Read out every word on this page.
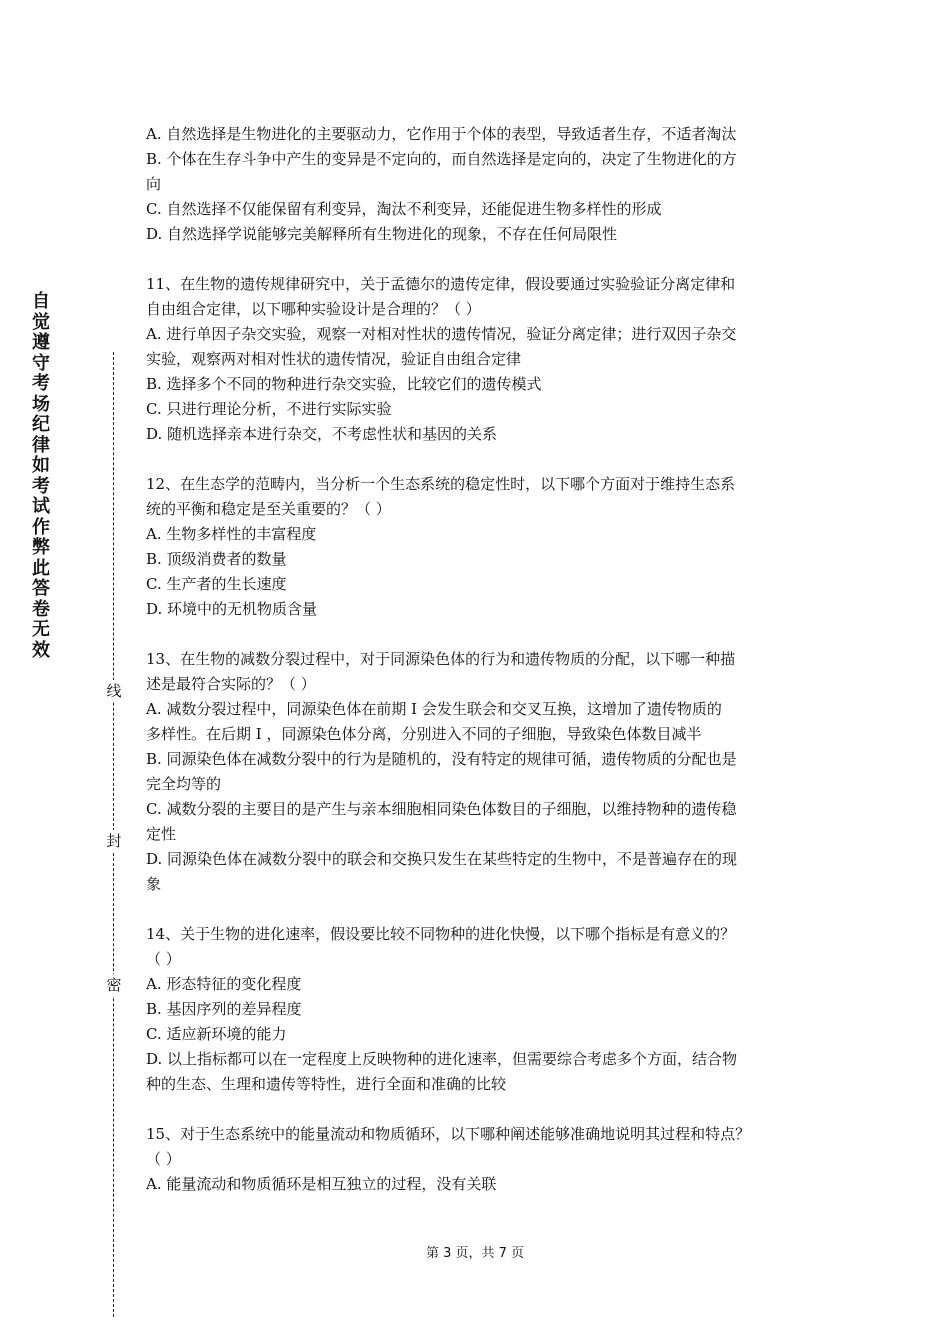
自
觉
遵
守
考
场
纪
律
如
考
试
作
弊
此
答
卷
无
效
线
封
密
A. 自然选择是生物进化的主要驱动力，它作用于个体的表型，导致适者生存，不适者淘汰
B. 个体在生存斗争中产生的变异是不定向的，而自然选择是定向的，决定了生物进化的方
向
C. 自然选择不仅能保留有利变异，淘汰不利变异，还能促进生物多样性的形成
D. 自然选择学说能够完美解释所有生物进化的现象，不存在任何局限性
11、在生物的遗传规律研究中，关于孟德尔的遗传定律，假设要通过实验验证分离定律和
自由组合定律，以下哪种实验设计是合理的？（ ）
A. 进行单因子杂交实验，观察一对相对性状的遗传情况，验证分离定律；进行双因子杂交
实验，观察两对相对性状的遗传情况，验证自由组合定律
B. 选择多个不同的物种进行杂交实验，比较它们的遗传模式
C. 只进行理论分析，不进行实际实验
D. 随机选择亲本进行杂交，不考虑性状和基因的关系
12、在生态学的范畴内，当分析一个生态系统的稳定性时，以下哪个方面对于维持生态系
统的平衡和稳定是至关重要的？（ ）
A. 生物多样性的丰富程度
B. 顶级消费者的数量
C. 生产者的生长速度
D. 环境中的无机物质含量
13、在生物的减数分裂过程中，对于同源染色体的行为和遗传物质的分配，以下哪一种描
述是最符合实际的？（ ）
A. 减数分裂过程中，同源染色体在前期 I 会发生联会和交叉互换，这增加了遗传物质的
多样性。在后期 I ，同源染色体分离，分别进入不同的子细胞，导致染色体数目减半
B. 同源染色体在减数分裂中的行为是随机的，没有特定的规律可循，遗传物质的分配也是
完全均等的
C. 减数分裂的主要目的是产生与亲本细胞相同染色体数目的子细胞，以维持物种的遗传稳
定性
D. 同源染色体在减数分裂中的联会和交换只发生在某些特定的生物中，不是普遍存在的现
象
14、关于生物的进化速率，假设要比较不同物种的进化快慢，以下哪个指标是有意义的？
（ ）
A. 形态特征的变化程度
B. 基因序列的差异程度
C. 适应新环境的能力
D. 以上指标都可以在一定程度上反映物种的进化速率，但需要综合考虑多个方面，结合物
种的生态、生理和遗传等特性，进行全面和准确的比较
15、对于生态系统中的能量流动和物质循环，以下哪种阐述能够准确地说明其过程和特点？
（ ）
A. 能量流动和物质循环是相互独立的过程，没有关联
第 3 页，共 7 页
